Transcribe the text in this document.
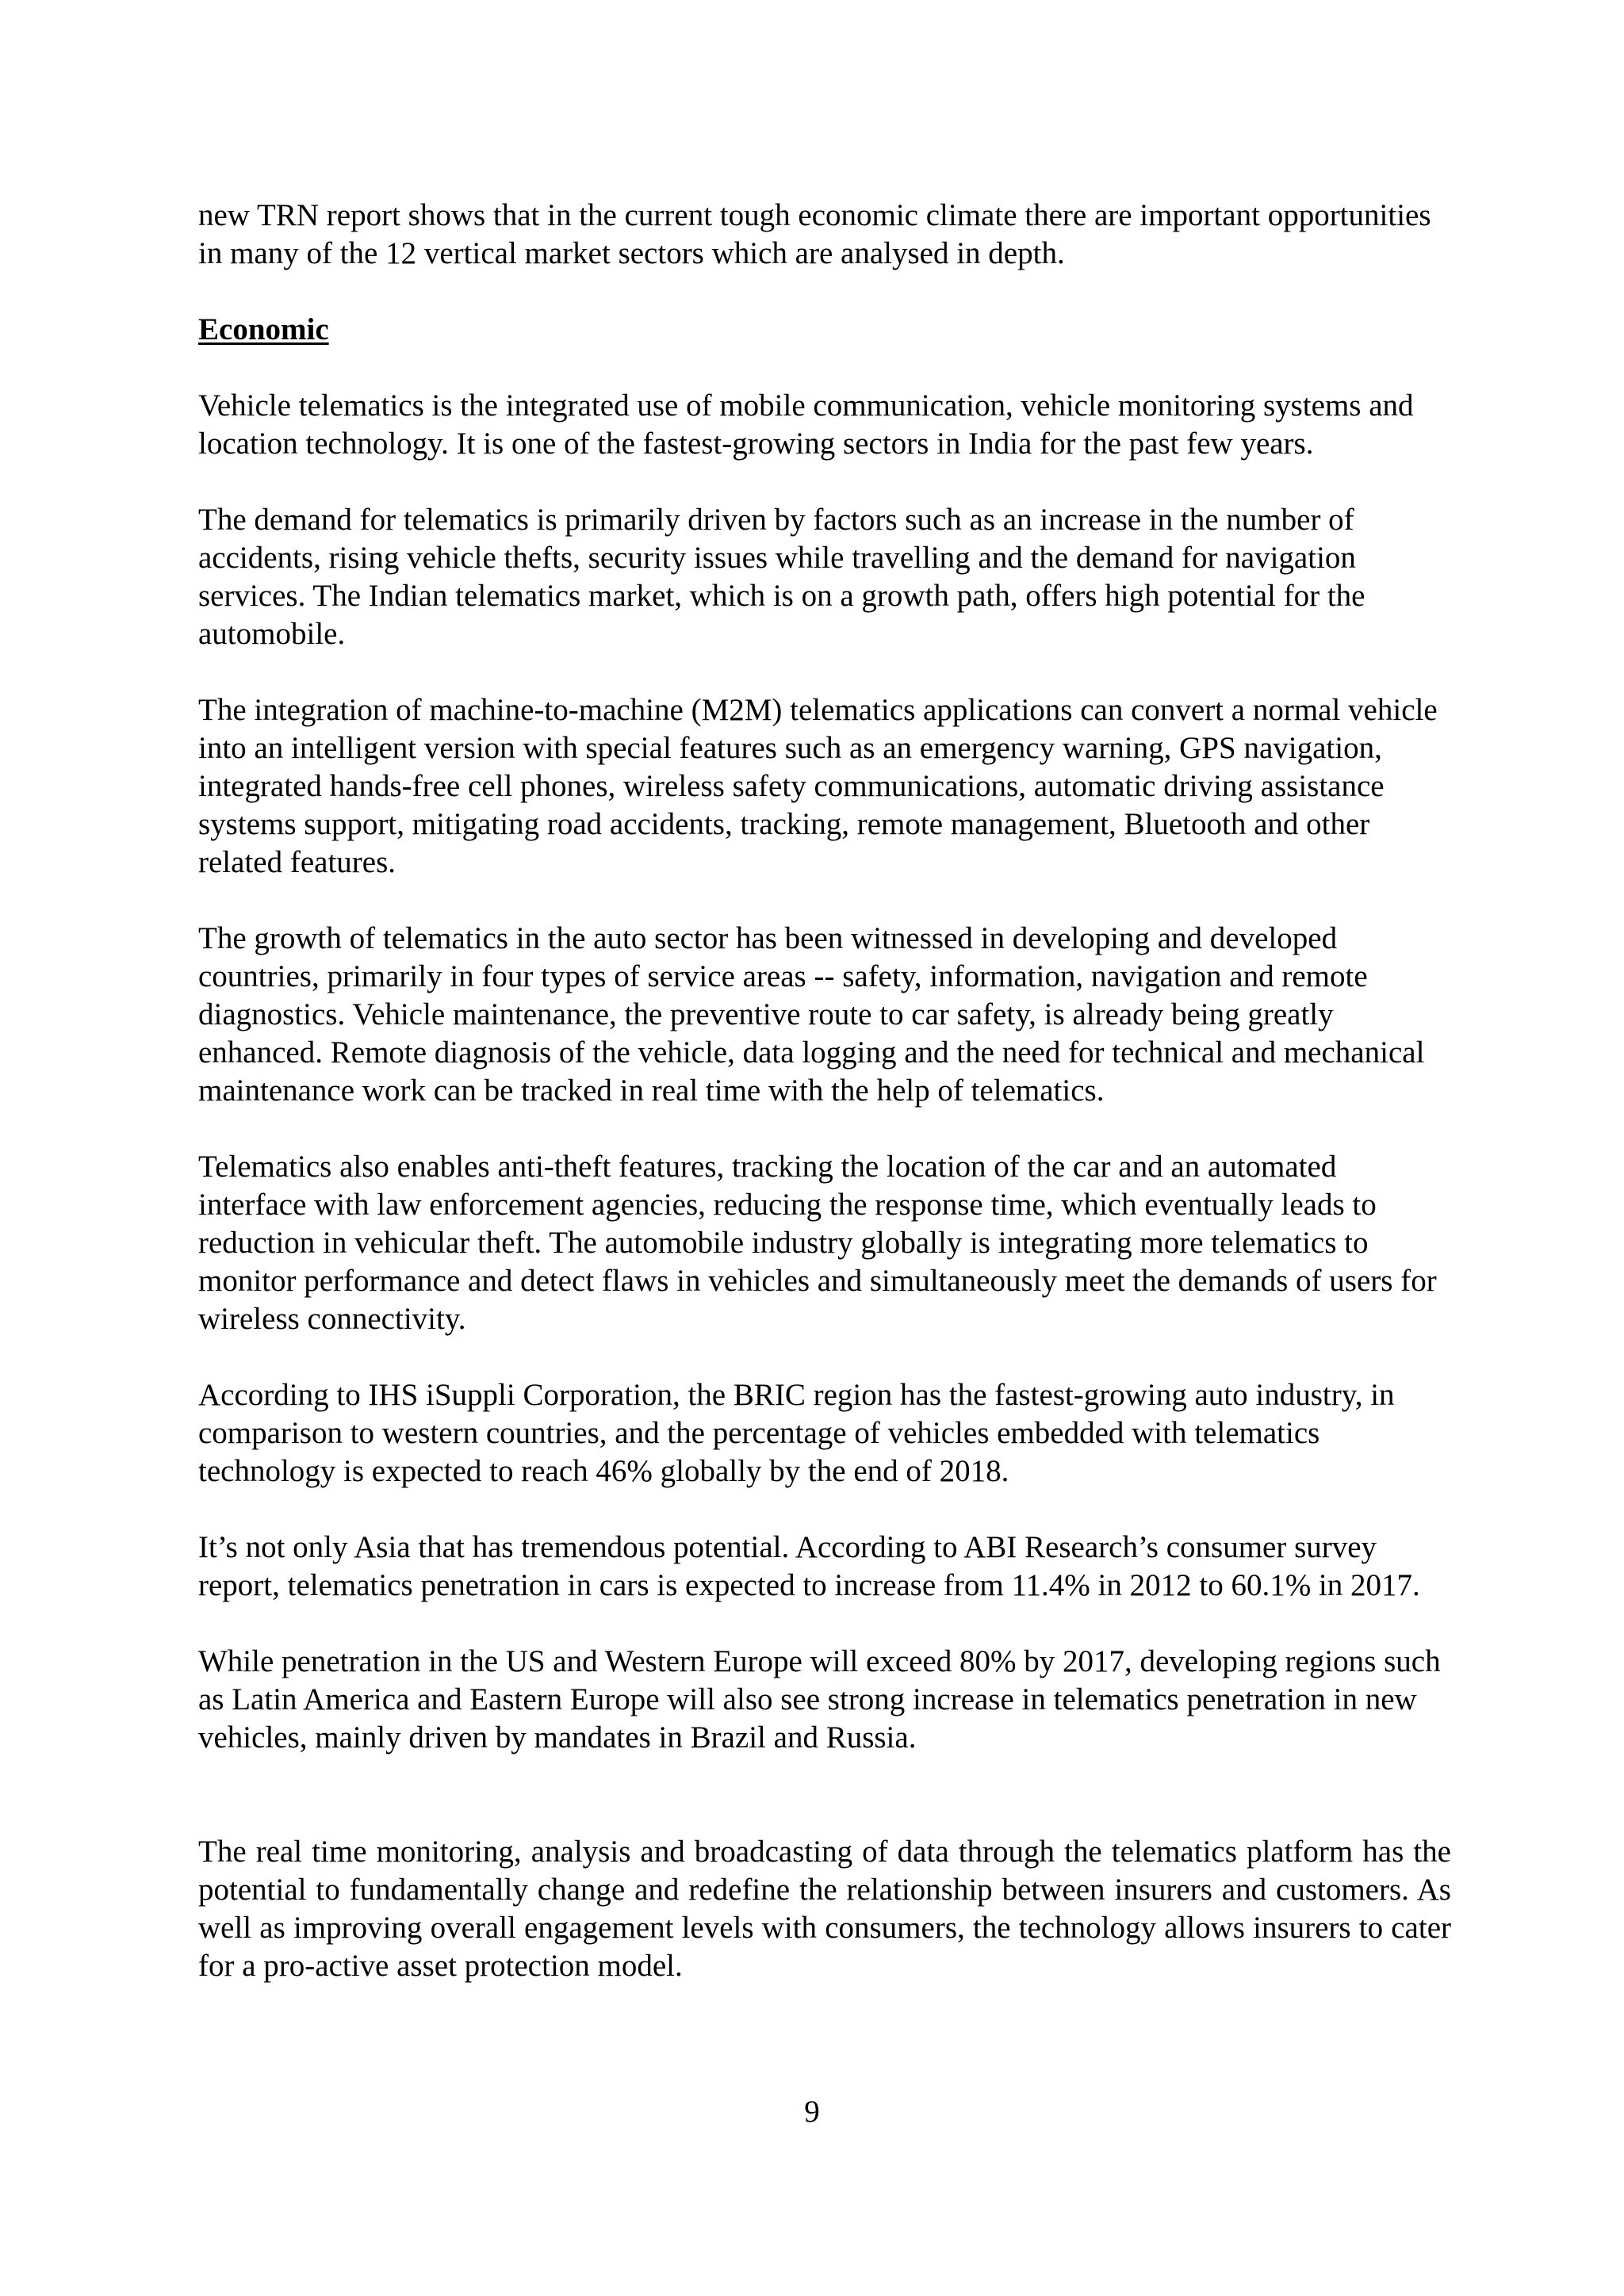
new TRN report shows that in the current tough economic climate there are important opportunities in many of the 12 vertical market sectors which are analysed in depth.

Economic

Vehicle telematics is the integrated use of mobile communication, vehicle monitoring systems and location technology. It is one of the fastest-growing sectors in India for the past few years.

The demand for telematics is primarily driven by factors such as an increase in the number of accidents, rising vehicle thefts, security issues while travelling and the demand for navigation services. The Indian telematics market, which is on a growth path, offers high potential for the automobile.

The integration of machine-to-machine (M2M) telematics applications can convert a normal vehicle into an intelligent version with special features such as an emergency warning, GPS navigation, integrated hands-free cell phones, wireless safety communications, automatic driving assistance systems support, mitigating road accidents, tracking, remote management, Bluetooth and other related features.

The growth of telematics in the auto sector has been witnessed in developing and developed countries, primarily in four types of service areas -- safety, information, navigation and remote diagnostics. Vehicle maintenance, the preventive route to car safety, is already being greatly enhanced. Remote diagnosis of the vehicle, data logging and the need for technical and mechanical maintenance work can be tracked in real time with the help of telematics.

Telematics also enables anti-theft features, tracking the location of the car and an automated interface with law enforcement agencies, reducing the response time, which eventually leads to reduction in vehicular theft. The automobile industry globally is integrating more telematics to monitor performance and detect flaws in vehicles and simultaneously meet the demands of users for wireless connectivity.

According to IHS iSuppli Corporation, the BRIC region has the fastest-growing auto industry, in comparison to western countries, and the percentage of vehicles embedded with telematics technology is expected to reach 46% globally by the end of 2018.

It’s not only Asia that has tremendous potential. According to ABI Research’s consumer survey report, telematics penetration in cars is expected to increase from 11.4% in 2012 to 60.1% in 2017.

While penetration in the US and Western Europe will exceed 80% by 2017, developing regions such as Latin America and Eastern Europe will also see strong increase in telematics penetration in new vehicles, mainly driven by mandates in Brazil and Russia.

The real time monitoring, analysis and broadcasting of data through the telematics platform has the potential to fundamentally change and redefine the relationship between insurers and customers. As well as improving overall engagement levels with consumers, the technology allows insurers to cater for a pro-active asset protection model.

9
